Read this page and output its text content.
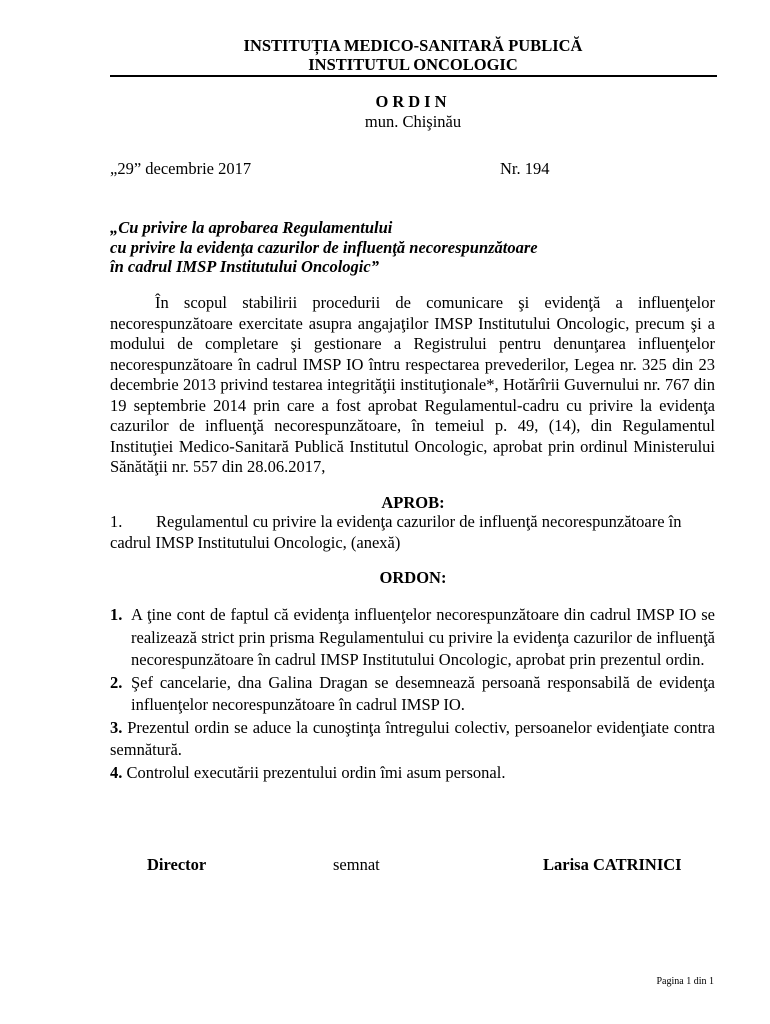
INSTITUȚIA MEDICO-SANITARĂ PUBLICĂ
INSTITUTUL ONCOLOGIC
ORDIN
mun. Chişinău
„29” decembrie 2017	Nr. 194
„Cu privire la aprobarea Regulamentului
cu privire la evidenţa cazurilor de influenţă necorespunzătoare
în cadrul IMSP Institutului Oncologic”

În scopul stabilirii procedurii de comunicare şi evidenţă a influenţelor necorespunzătoare exercitate asupra angajaţilor IMSP Institutului Oncologic, precum şi a modului de completare şi gestionare a Registrului pentru denunţarea influenţelor necorespunzătoare în cadrul IMSP IO întru respectarea prevederilor, Legea nr. 325 din 23 decembrie 2013 privind testarea integrităţii instituţionale*, Hotărîrii Guvernului nr. 767 din 19 septembrie 2014 prin care a fost aprobat Regulamentul-cadru cu privire la evidenţa cazurilor de influenţă necorespunzătoare, în temeiul p. 49, (14), din Regulamentul Instituţiei Medico-Sanitară Publică Institutul Oncologic, aprobat prin ordinul Ministerului Sănătăţii nr. 557 din 28.06.2017,

APROB:
1. Regulamentul cu privire la evidenţa cazurilor de influenţă necorespunzătoare în cadrul IMSP Institutului Oncologic, (anexă)
ORDON:
1. A ţine cont de faptul că evidenţa influenţelor necorespunzătoare din cadrul IMSP IO se realizează strict prin prisma Regulamentului cu privire la evidenţa cazurilor de influenţă necorespunzătoare în cadrul IMSP Institutului Oncologic, aprobat prin prezentul ordin.
2. Şef cancelarie, dna Galina Dragan se desemnează persoană responsabilă de evidenţa influenţelor necorespunzătoare în cadrul IMSP IO.
3. Prezentul ordin se aduce la cunoştinţa întregului colectiv, persoanelor evidenţiate contra semnătură.
4. Controlul executării prezentului ordin îmi asum personal.
Director	semnat	Larisa CATRINICI
Pagina 1 din 1
